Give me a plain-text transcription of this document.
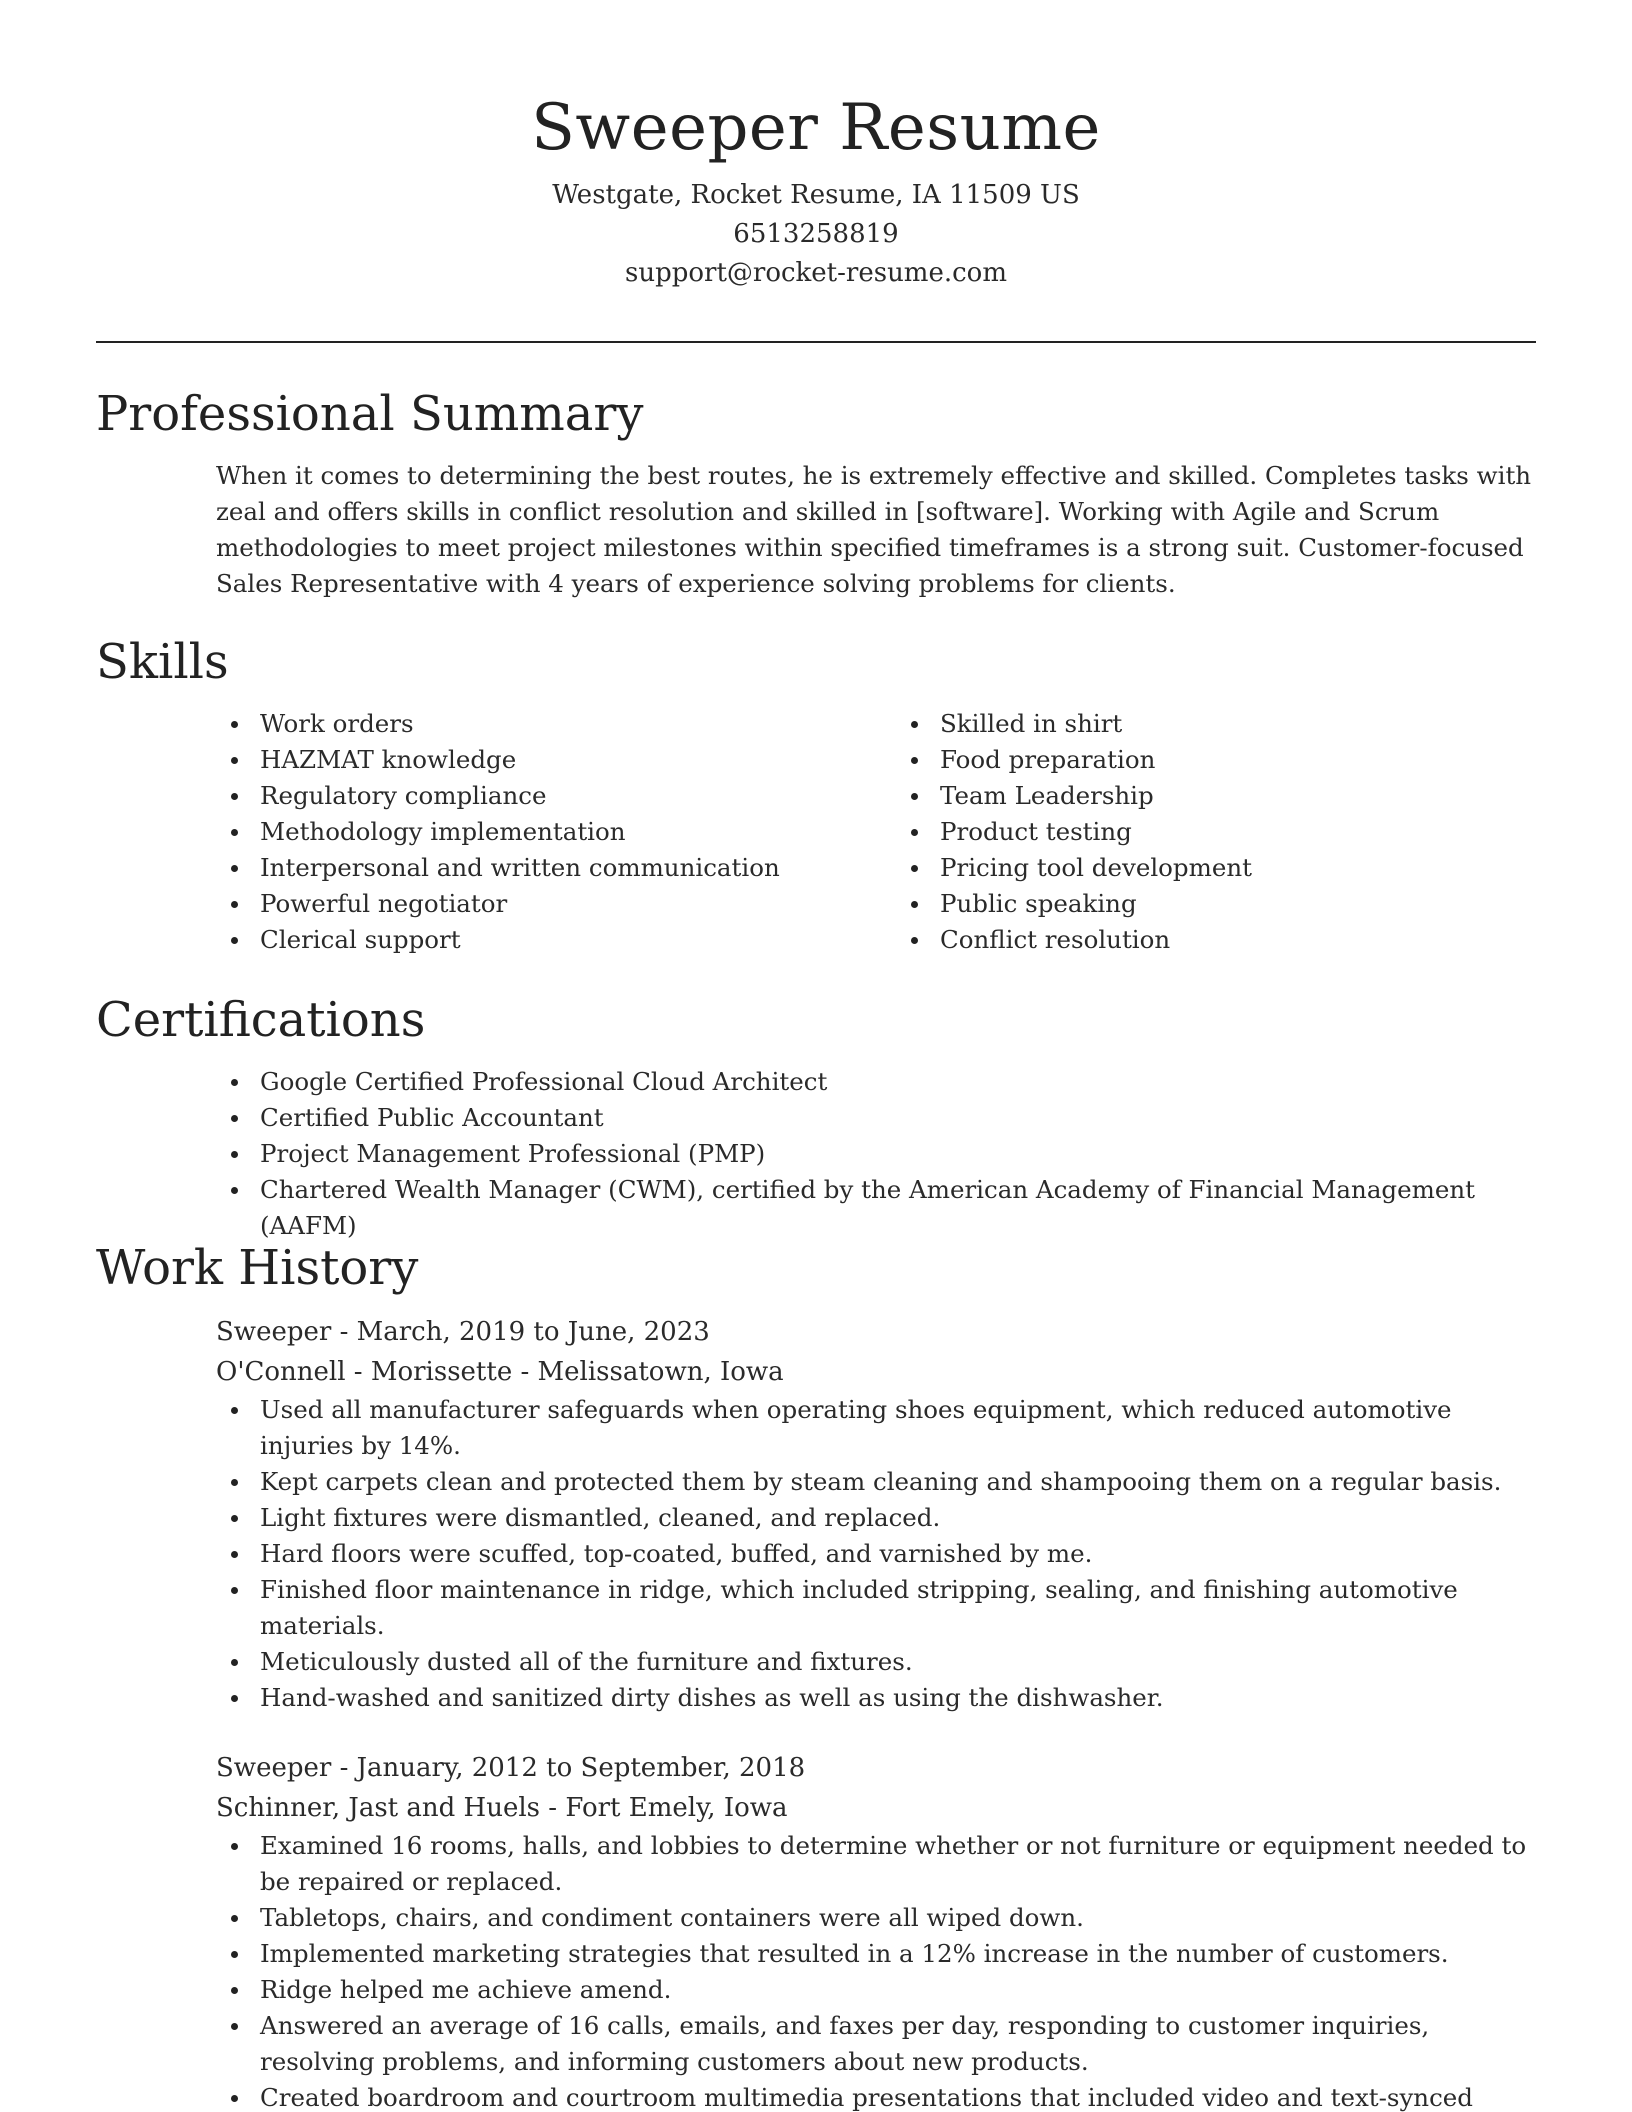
Sweeper Resume
Westgate, Rocket Resume, IA 11509 US
6513258819
support@rocket-resume.com
Professional Summary

When it comes to determining the best routes, he is extremely effective and skilled. Completes tasks with zeal and offers skills in conflict resolution and skilled in [software]. Working with Agile and Scrum methodologies to meet project milestones within specified timeframes is a strong suit. Customer-focused Sales Representative with 4 years of experience solving problems for clients.

Skills
Work orders
HAZMAT knowledge
Regulatory compliance
Methodology implementation
Interpersonal and written communication
Powerful negotiator
Clerical support
Skilled in shirt
Food preparation
Team Leadership
Product testing
Pricing tool development
Public speaking
Conflict resolution
Certifications
Google Certified Professional Cloud Architect
Certified Public Accountant
Project Management Professional (PMP)
Chartered Wealth Manager (CWM), certified by the American Academy of Financial Management (AAFM)
Work History
Sweeper - March, 2019 to June, 2023
O'Connell - Morissette - Melissatown, Iowa
Used all manufacturer safeguards when operating shoes equipment, which reduced automotive injuries by 14%.
Kept carpets clean and protected them by steam cleaning and shampooing them on a regular basis.
Light fixtures were dismantled, cleaned, and replaced.
Hard floors were scuffed, top-coated, buffed, and varnished by me.
Finished floor maintenance in ridge, which included stripping, sealing, and finishing automotive materials.
Meticulously dusted all of the furniture and fixtures.
Hand-washed and sanitized dirty dishes as well as using the dishwasher.
Sweeper - January, 2012 to September, 2018
Schinner, Jast and Huels - Fort Emely, Iowa
Examined 16 rooms, halls, and lobbies to determine whether or not furniture or equipment needed to be repaired or replaced.
Tabletops, chairs, and condiment containers were all wiped down.
Implemented marketing strategies that resulted in a 12% increase in the number of customers.
Ridge helped me achieve amend.
Answered an average of 16 calls, emails, and faxes per day, responding to customer inquiries, resolving problems, and informing customers about new products.
Created boardroom and courtroom multimedia presentations that included video and text-synced
